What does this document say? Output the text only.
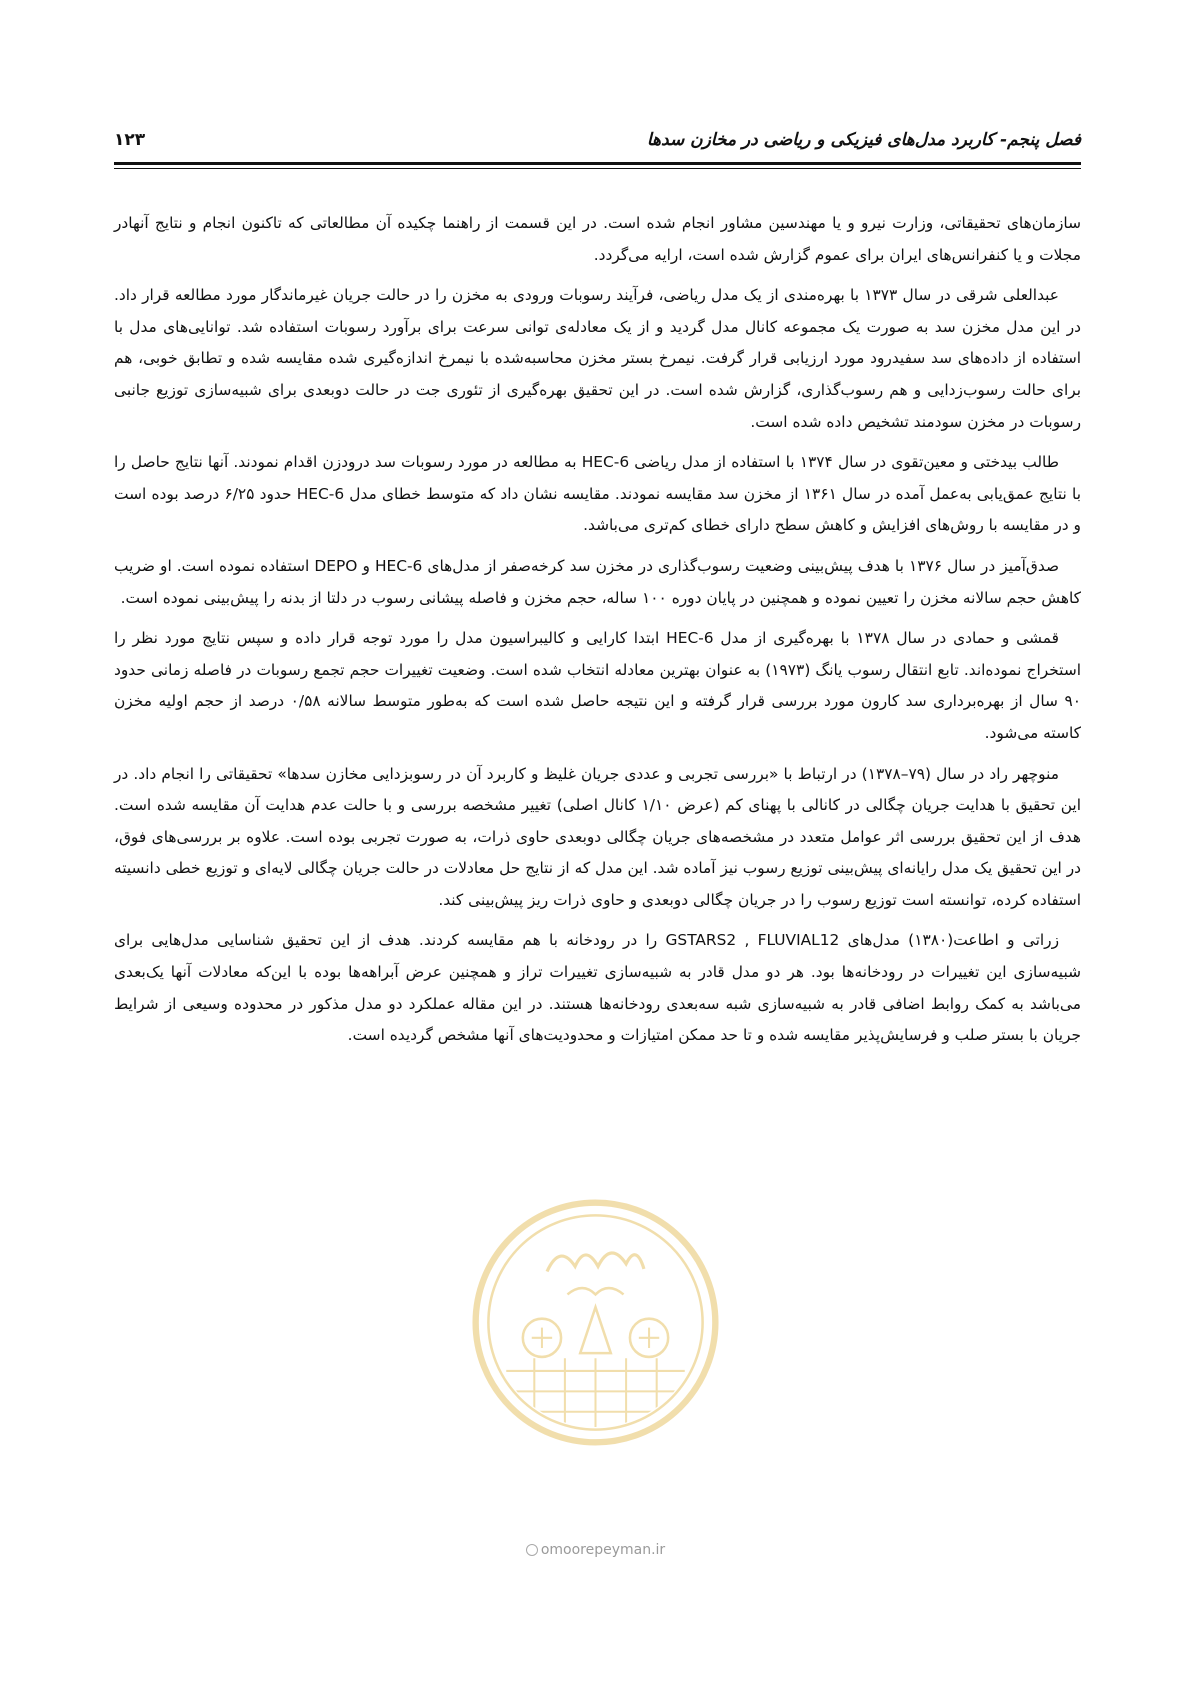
فصل پنجم- کاربرد مدل‌های فیزیکی و ریاضی در مخازن سدها
۱۲۳

سازمان‌های تحقیقاتی، وزارت نیرو و یا مهندسین مشاور انجام شده است. در این قسمت از راهنما چکیده آن مطالعاتی که تاکنون انجام و نتایج آنهادر مجلات و یا کنفرانس‌های ایران برای عموم گزارش شده است، ارایه می‌گردد.

عبدالعلی شرقی در سال ۱۳۷۳ با بهره‌مندی از یک مدل ریاضی، فرآیند رسوبات ورودی به مخزن را در حالت جریان غیرماندگار مورد مطالعه قرار داد. در این مدل مخزن سد به صورت یک مجموعه کانال مدل گردید و از یک معادله‌ی توانی سرعت برای برآورد رسوبات استفاده شد. توانایی‌های مدل با استفاده از داده‌های سد سفیدرود مورد ارزیابی قرار گرفت. نیمرخ بستر مخزن محاسبه‌شده با نیمرخ اندازه‌گیری شده مقایسه شده و تطابق خوبی، هم برای حالت رسوب‌زدایی و هم رسوب‌گذاری، گزارش شده است. در این تحقیق بهره‌گیری از تئوری جت در حالت دوبعدی برای شبیه‌سازی توزیع جانبی رسوبات در مخزن سودمند تشخیص داده شده است.

طالب بیدختی و معین‌تقوی در سال ۱۳۷۴ با استفاده از مدل ریاضی HEC-6 به مطالعه در مورد رسوبات سد درودزن اقدام نمودند. آنها نتایج حاصل را با نتایج عمق‌یابی به‌عمل آمده در سال ۱۳۶۱ از مخزن سد مقایسه نمودند. مقایسه نشان داد که متوسط خطای مدل HEC-6 حدود ۶/۲۵ درصد بوده است و در مقایسه با روش‌های افزایش و کاهش سطح دارای خطای کم‌تری می‌باشد.

صدق‌آمیز در سال ۱۳۷۶ با هدف پیش‌بینی وضعیت رسوب‌گذاری در مخزن سد کرخه‌صفر از مدل‌های HEC-6 و DEPO استفاده نموده است. او ضریب کاهش حجم سالانه مخزن را تعیین نموده و همچنین در پایان دوره ۱۰۰ ساله، حجم مخزن و فاصله پیشانی رسوب در دلتا از بدنه را پیش‌بینی نموده است.

قمشی و حمادی در سال ۱۳۷۸ با بهره‌گیری از مدل HEC-6 ابتدا کارایی و کالیبراسیون مدل را مورد توجه قرار داده و سپس نتایج مورد نظر را استخراج نموده‌اند. تابع انتقال رسوب یانگ (۱۹۷۳) به عنوان بهترین معادله انتخاب شده است. وضعیت تغییرات حجم تجمع رسوبات در فاصله زمانی حدود ۹۰ سال از بهره‌برداری سد کارون مورد بررسی قرار گرفته و این نتیجه حاصل شده است که به‌طور متوسط سالانه ۰/۵۸ درصد از حجم اولیه مخزن کاسته می‌شود.

منوچهر راد در سال (۷۹–۱۳۷۸) در ارتباط با «بررسی تجربی و عددی جریان غلیظ و کاربرد آن در رسوبزدایی مخازن سدها» تحقیقاتی را انجام داد. در این تحقیق با هدایت جریان چگالی در کانالی با پهنای کم (عرض ۱/۱۰ کانال اصلی) تغییر مشخصه بررسی و با حالت عدم هدایت آن مقایسه شده است. هدف از این تحقیق بررسی اثر عوامل متعدد در مشخصه‌های جریان چگالی دوبعدی حاوی ذرات، به صورت تجربی بوده است. علاوه بر بررسی‌های فوق، در این تحقیق یک مدل رایانه‌ای پیش‌بینی توزیع رسوب نیز آماده شد. این مدل که از نتایج حل معادلات در حالت جریان چگالی لایه‌ای و توزیع خطی دانسیته استفاده کرده، توانسته است توزیع رسوب را در جریان چگالی دوبعدی و حاوی ذرات ریز پیش‌بینی کند.

زراتی و اطاعت(۱۳۸۰) مدل‌های GSTARS2 , FLUVIAL12 را در رودخانه با هم مقایسه کردند. هدف از این تحقیق شناسایی مدل‌هایی برای شبیه‌سازی این تغییرات در رودخانه‌ها بود. هر دو مدل قادر به شبیه‌سازی تغییرات تراز و همچنین عرض آبراهه‌ها بوده با این‌که معادلات آنها یک‌بعدی می‌باشد به کمک روابط اضافی قادر به شبیه‌سازی شبه سه‌بعدی رودخانه‌ها هستند. در این مقاله عملکرد دو مدل مذکور در محدوده وسیعی از شرایط جریان با بستر صلب و فرسایش‌پذیر مقایسه شده و تا حد ممکن امتیازات و محدودیت‌های آنها مشخص گردیده است.

omoorepeyman.ir
